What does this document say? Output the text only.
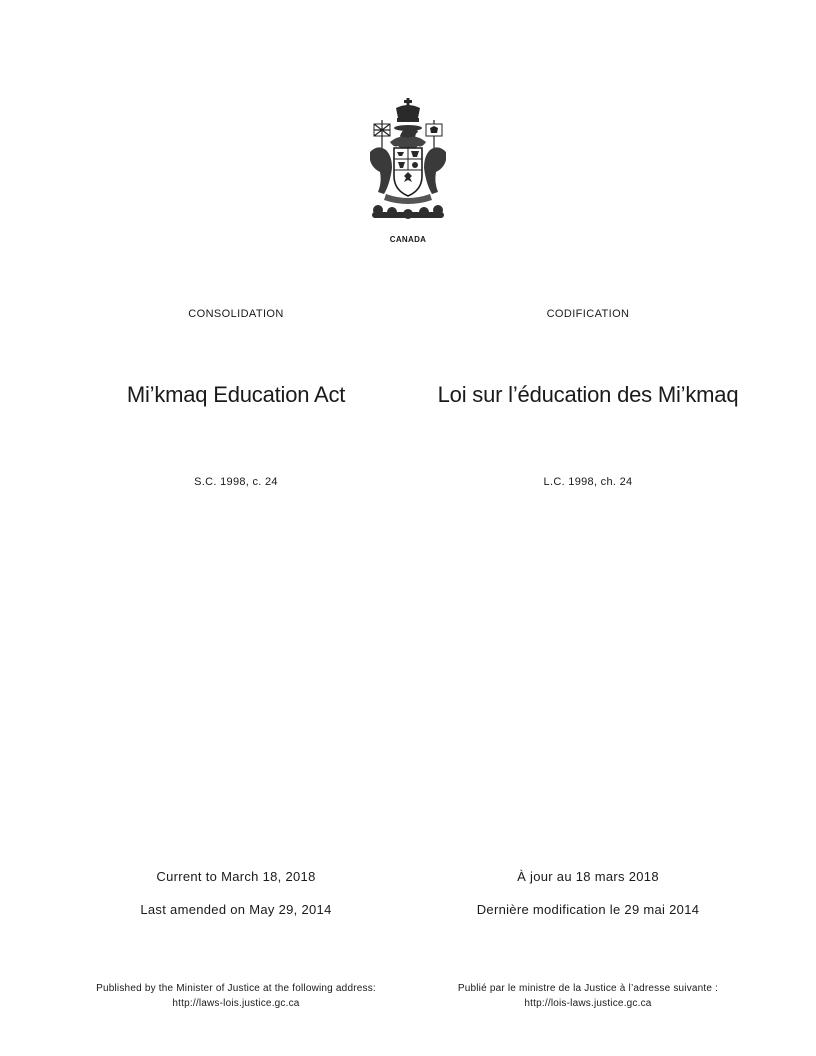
CANADA
CONSOLIDATION
Mi’kmaq Education Act
S.C. 1998, c. 24
Current to March 18, 2018
Last amended on May 29, 2014
Published by the Minister of Justice at the following address:
http://laws-lois.justice.gc.ca
CODIFICATION
Loi sur l’éducation des Mi’kmaq
L.C. 1998, ch. 24
À jour au 18 mars 2018
Dernière modification le 29 mai 2014
Publié par le ministre de la Justice à l’adresse suivante :
http://lois-laws.justice.gc.ca
